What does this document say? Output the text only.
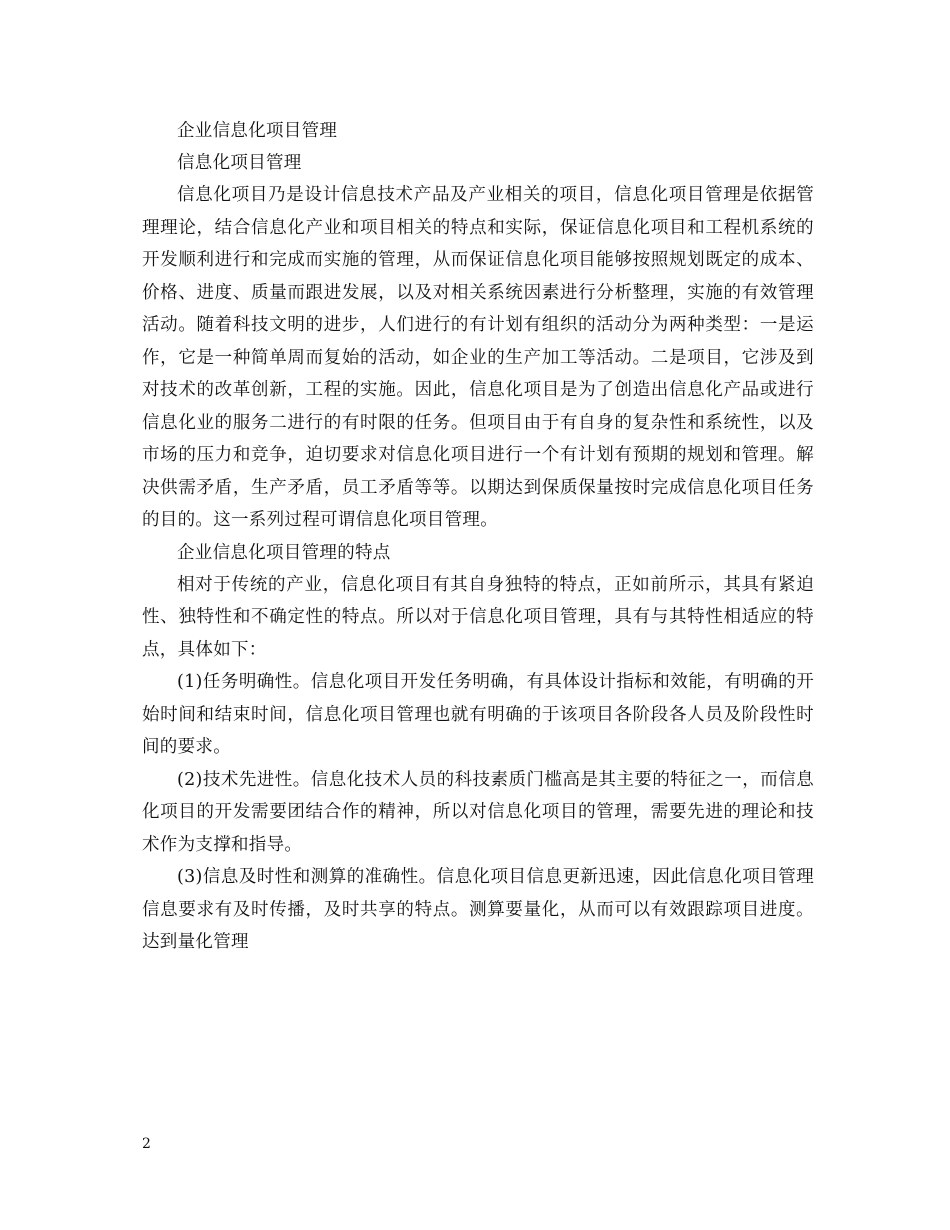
企业信息化项目管理

信息化项目管理

信息化项目乃是设计信息技术产品及产业相关的项目，信息化项目管理是依据管理理论，结合信息化产业和项目相关的特点和实际，保证信息化项目和工程机系统的开发顺利进行和完成而实施的管理，从而保证信息化项目能够按照规划既定的成本、价格、进度、质量而跟进发展，以及对相关系统因素进行分析整理，实施的有效管理活动。随着科技文明的进步，人们进行的有计划有组织的活动分为两种类型：一是运作，它是一种简单周而复始的活动，如企业的生产加工等活动。二是项目，它涉及到对技术的改革创新，工程的实施。因此，信息化项目是为了创造出信息化产品或进行信息化业的服务二进行的有时限的任务。但项目由于有自身的复杂性和系统性，以及市场的压力和竞争，迫切要求对信息化项目进行一个有计划有预期的规划和管理。解决供需矛盾，生产矛盾，员工矛盾等等。以期达到保质保量按时完成信息化项目任务的目的。这一系列过程可谓信息化项目管理。

企业信息化项目管理的特点

相对于传统的产业，信息化项目有其自身独特的特点，正如前所示，其具有紧迫性、独特性和不确定性的特点。所以对于信息化项目管理，具有与其特性相适应的特点，具体如下：

(1)任务明确性。信息化项目开发任务明确，有具体设计指标和效能，有明确的开始时间和结束时间，信息化项目管理也就有明确的于该项目各阶段各人员及阶段性时间的要求。

(2)技术先进性。信息化技术人员的科技素质门槛高是其主要的特征之一，而信息化项目的开发需要团结合作的精神，所以对信息化项目的管理，需要先进的理论和技术作为支撑和指导。

(3)信息及时性和测算的准确性。信息化项目信息更新迅速，因此信息化项目管理信息要求有及时传播，及时共享的特点。测算要量化，从而可以有效跟踪项目进度。达到量化管理

2
